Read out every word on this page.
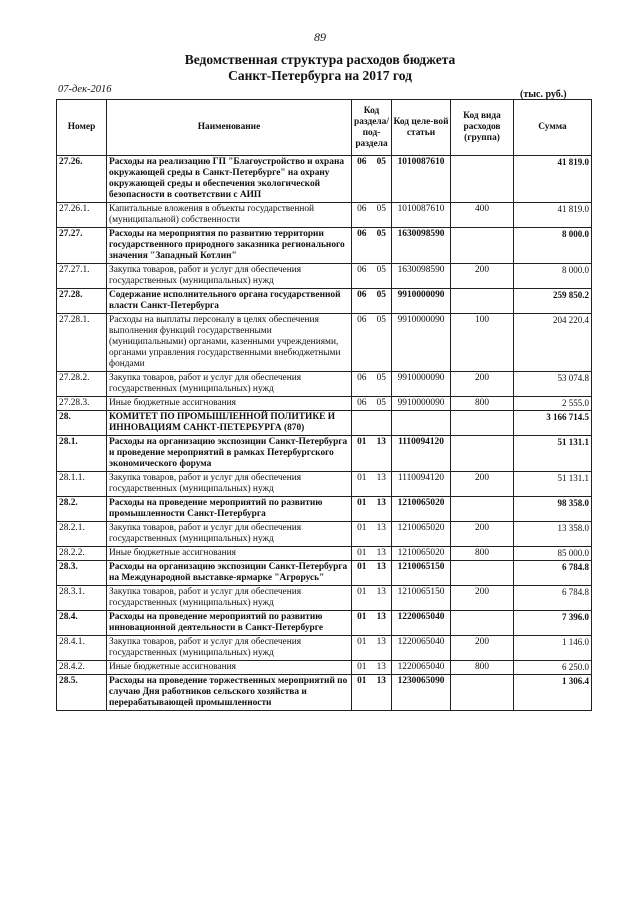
89
Ведомственная структура расходов бюджета
Санкт-Петербурга на 2017 год
07-дек-2016	(тыс. руб.)
Номер	Наименование	Код раздела/ под-раздела	Код целе-вой статьи	Код вида расходов (группа)	Сумма
27.26.	Расходы на реализацию ГП "Благоустройство и охрана окружающей среды в Санкт-Петербурге" на охрану окружающей среды и обеспечения экологической безопасности в соответствии с АИП	06 05	1010087610		41 819.0
27.26.1.	Капитальные вложения в объекты государственной (муниципальной) собственности	06 05	1010087610	400	41 819.0
27.27.	Расходы на мероприятия по развитию территории государственного природного заказника регионального значения "Западный Котлин"	06 05	1630098590		8 000.0
27.27.1.	Закупка товаров, работ и услуг для обеспечения государственных (муниципальных) нужд	06 05	1630098590	200	8 000.0
27.28.	Содержание исполнительного органа государственной власти Санкт-Петербурга	06 05	9910000090		259 850.2
27.28.1.	Расходы на выплаты персоналу в целях обеспечения выполнения функций государственными (муниципальными) органами, казенными учреждениями, органами управления государственными внебюджетными фондами	06 05	9910000090	100	204 220.4
27.28.2.	Закупка товаров, работ и услуг для обеспечения государственных (муниципальных) нужд	06 05	9910000090	200	53 074.8
27.28.3.	Иные бюджетные ассигнования	06 05	9910000090	800	2 555.0
28.	КОМИТЕТ ПО ПРОМЫШЛЕННОЙ ПОЛИТИКЕ И ИННОВАЦИЯМ САНКТ-ПЕТЕРБУРГА (870)				3 166 714.5
28.1.	Расходы на организацию экспозиции Санкт-Петербурга и проведение мероприятий в рамках Петербургского экономического форума	01 13	1110094120		51 131.1
28.1.1.	Закупка товаров, работ и услуг для обеспечения государственных (муниципальных) нужд	01 13	1110094120	200	51 131.1
28.2.	Расходы на проведение мероприятий по развитию промышленности Санкт-Петербурга	01 13	1210065020		98 358.0
28.2.1.	Закупка товаров, работ и услуг для обеспечения государственных (муниципальных) нужд	01 13	1210065020	200	13 358.0
28.2.2.	Иные бюджетные ассигнования	01 13	1210065020	800	85 000.0
28.3.	Расходы на организацию экспозиции Санкт-Петербурга на Международной выставке-ярмарке "Агрорусь"	01 13	1210065150		6 784.8
28.3.1.	Закупка товаров, работ и услуг для обеспечения государственных (муниципальных) нужд	01 13	1210065150	200	6 784.8
28.4.	Расходы на проведение мероприятий по развитию инновационной деятельности в Санкт-Петербурге	01 13	1220065040		7 396.0
28.4.1.	Закупка товаров, работ и услуг для обеспечения государственных (муниципальных) нужд	01 13	1220065040	200	1 146.0
28.4.2.	Иные бюджетные ассигнования	01 13	1220065040	800	6 250.0
28.5.	Расходы на проведение торжественных мероприятий по случаю Дня работников сельского хозяйства и перерабатывающей промышленности	01 13	1230065090		1 306.4
